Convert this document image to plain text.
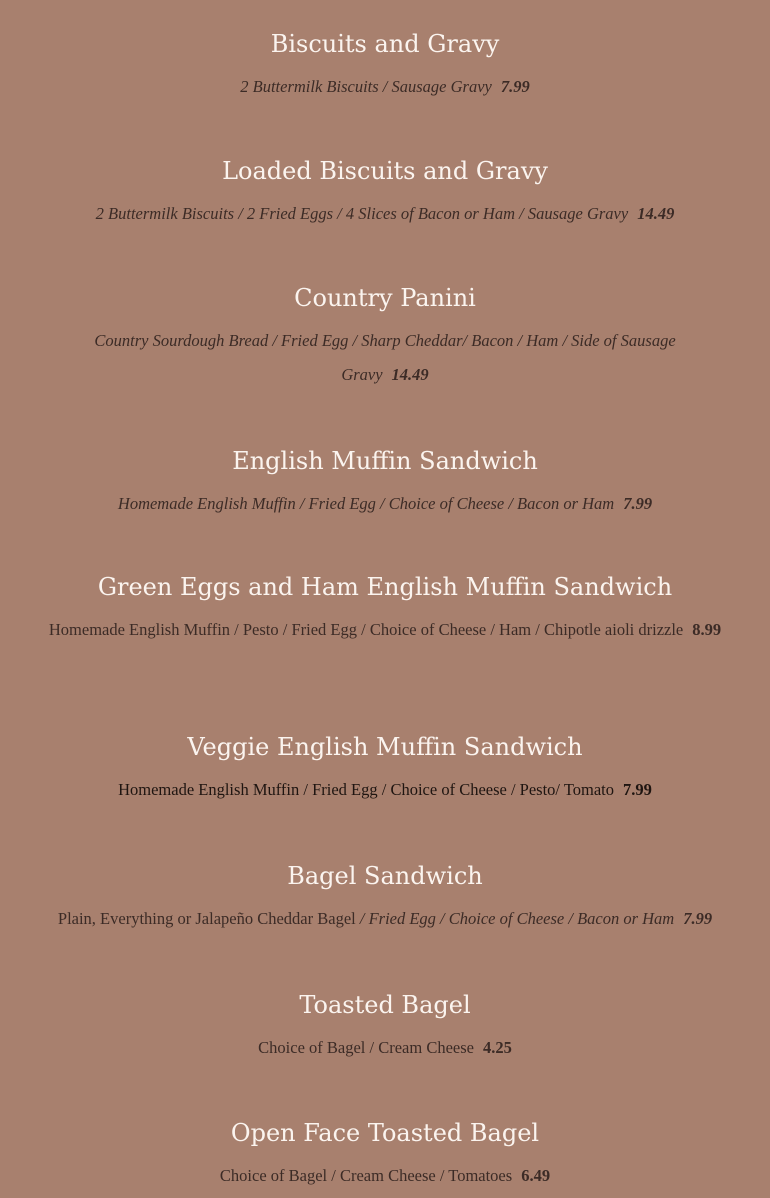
Biscuits and Gravy

2 Buttermilk Biscuits / Sausage Gravy 7.99

Loaded Biscuits and Gravy

2 Buttermilk Biscuits / 2 Fried Eggs / 4 Slices of Bacon or Ham / Sausage Gravy 14.49

Country Panini

Country Sourdough Bread / Fried Egg / Sharp Cheddar/ Bacon / Ham / Side of Sausage Gravy 14.49

English Muffin Sandwich

Homemade English Muffin / Fried Egg / Choice of Cheese / Bacon or Ham 7.99

Green Eggs and Ham English Muffin Sandwich

Homemade English Muffin / Pesto / Fried Egg / Choice of Cheese / Ham / Chipotle aioli drizzle 8.99

Veggie English Muffin Sandwich

Homemade English Muffin / Fried Egg / Choice of Cheese / Pesto/ Tomato 7.99

Bagel Sandwich

Plain, Everything or Jalapeño Cheddar Bagel / Fried Egg / Choice of Cheese / Bacon or Ham 7.99

Toasted Bagel

Choice of Bagel / Cream Cheese 4.25

Open Face Toasted Bagel

Choice of Bagel / Cream Cheese / Tomatoes 6.49
